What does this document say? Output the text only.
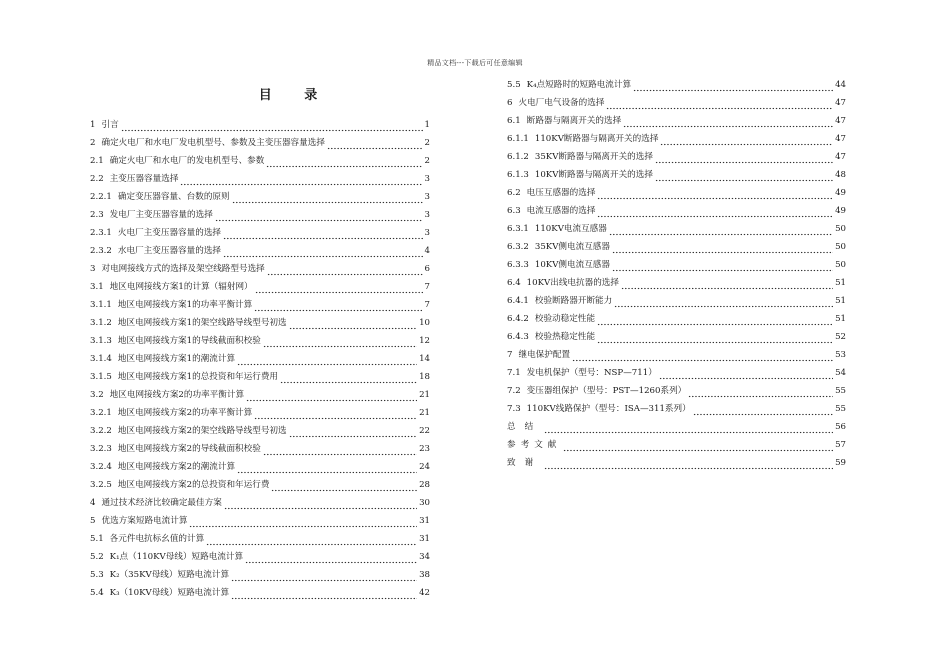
精品文档---下载后可任意编辑
目 录
1 引言	1
2 确定火电厂和水电厂发电机型号、参数及主变压器容量选择	2
2.1 确定火电厂和水电厂的发电机型号、参数	2
2.2 主变压器容量选择	3
2.2.1 确定变压器容量、台数的原则	3
2.3 发电厂主变压器容量的选择	3
2.3.1 火电厂主变压器容量的选择	3
2.3.2 水电厂主变压器容量的选择	4
3 对电网接线方式的选择及架空线路型号选择	6
3.1 地区电网接线方案1的计算（辐射网）	7
3.1.1 地区电网接线方案1的功率平衡计算	7
3.1.2 地区电网接线方案1的架空线路导线型号初选	10
3.1.3 地区电网接线方案1的导线截面积校验	12
3.1.4 地区电网接线方案1的潮流计算	14
3.1.5 地区电网接线方案1的总投资和年运行费用	18
3.2 地区电网接线方案2的功率平衡计算	21
3.2.1 地区电网接线方案2的功率平衡计算	21
3.2.2 地区电网接线方案2的架空线路导线型号初选	22
3.2.3 地区电网接线方案2的导线截面积校验	23
3.2.4 地区电网接线方案2的潮流计算	24
3.2.5 地区电网接线方案2的总投资和年运行费	28
4 通过技术经济比较确定最佳方案	30
5 优选方案短路电流计算	31
5.1 各元件电抗标幺值的计算	31
5.2 K₁点（110KV母线）短路电流计算	34
5.3 K₂（35KV母线）短路电流计算	38
5.4 K₃（10KV母线）短路电流计算	42
5.5 K₄点短路时的短路电流计算	44
6 火电厂电气设备的选择	47
6.1 断路器与隔离开关的选择	47
6.1.1 110KV断路器与隔离开关的选择	47
6.1.2 35KV断路器与隔离开关的选择	47
6.1.3 10KV断路器与隔离开关的选择	48
6.2 电压互感器的选择	49
6.3 电流互感器的选择	49
6.3.1 110KV电流互感器	50
6.3.2 35KV侧电流互感器	50
6.3.3 10KV侧电流互感器	50
6.4 10KV出线电抗器的选择	51
6.4.1 校验断路器开断能力	51
6.4.2 校验动稳定性能	51
6.4.3 校验热稳定性能	52
7 继电保护配置	53
7.1 发电机保护（型号：NSP—711）	54
7.2 变压器组保护（型号：PST—1260系列）	55
7.3 110KV线路保护（型号：ISA—311系列）	55
总结	56
参考文献	57
致谢	59
